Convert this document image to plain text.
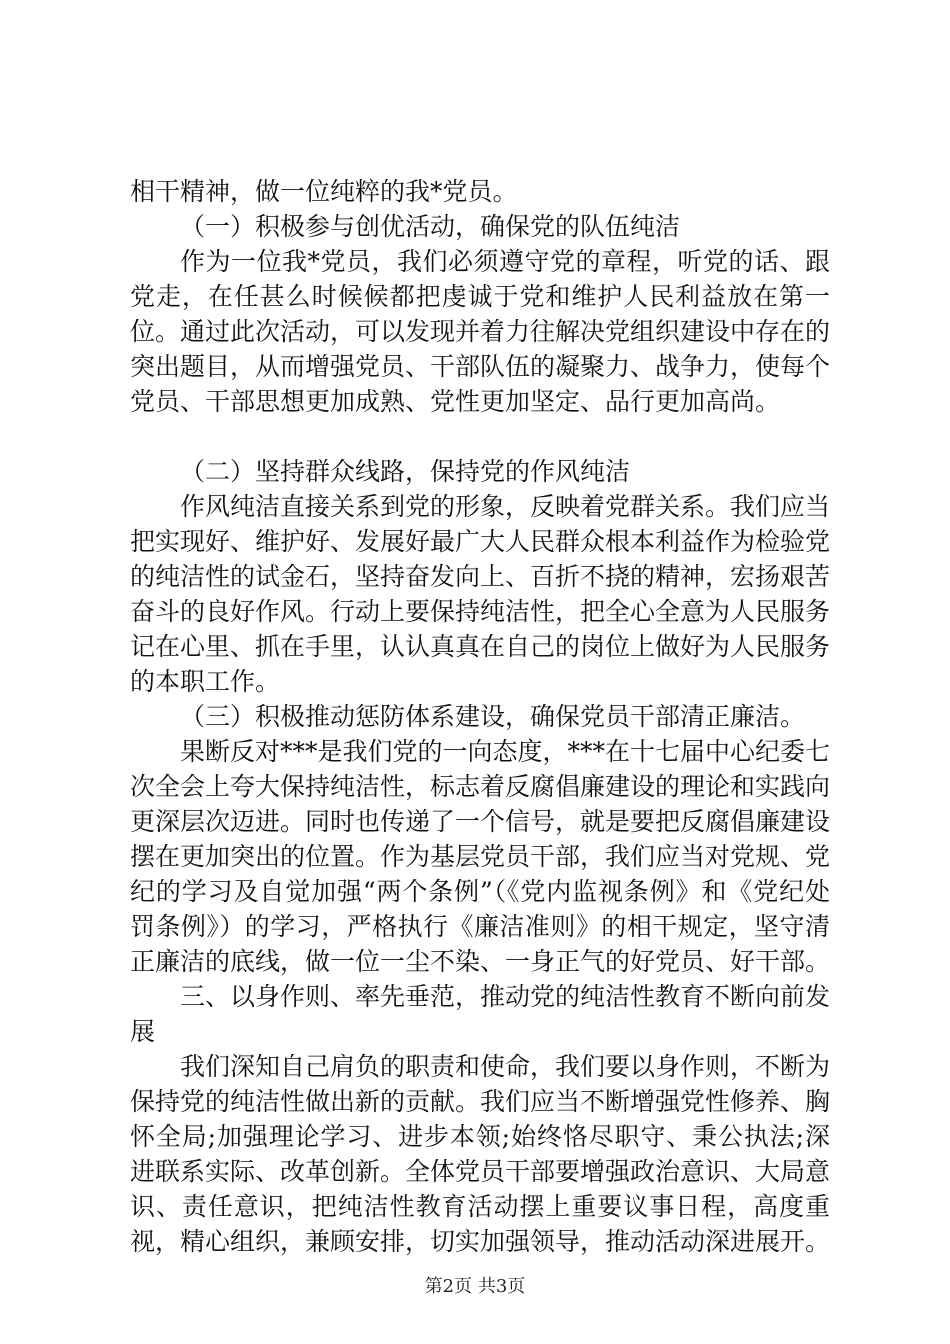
相干精神，做一位纯粹的我*党员。

（一）积极参与创优活动，确保党的队伍纯洁

作为一位我*党员，我们必须遵守党的章程，听党的话、跟党走，在任甚么时候候都把虔诚于党和维护人民利益放在第一位。通过此次活动，可以发现并着力往解决党组织建设中存在的突出题目，从而增强党员、干部队伍的凝聚力、战争力，使每个党员、干部思想更加成熟、党性更加坚定、品行更加高尚。

（二）坚持群众线路，保持党的作风纯洁

作风纯洁直接关系到党的形象，反映着党群关系。我们应当把实现好、维护好、发展好最广大人民群众根本利益作为检验党的纯洁性的试金石，坚持奋发向上、百折不挠的精神，宏扬艰苦奋斗的良好作风。行动上要保持纯洁性，把全心全意为人民服务记在心里、抓在手里，认认真真在自己的岗位上做好为人民服务的本职工作。

（三）积极推动惩防体系建设，确保党员干部清正廉洁。

果断反对***是我们党的一向态度，***在十七届中心纪委七次全会上夸大保持纯洁性，标志着反腐倡廉建设的理论和实践向更深层次迈进。同时也传递了一个信号，就是要把反腐倡廉建设摆在更加突出的位置。作为基层党员干部，我们应当对党规、党纪的学习及自觉加强“两个条例”（《党内监视条例》和《党纪处罚条例》）的学习，严格执行《廉洁准则》的相干规定，坚守清正廉洁的底线，做一位一尘不染、一身正气的好党员、好干部。

三、以身作则、率先垂范，推动党的纯洁性教育不断向前发展

我们深知自己肩负的职责和使命，我们要以身作则，不断为保持党的纯洁性做出新的贡献。我们应当不断增强党性修养、胸怀全局;加强理论学习、进步本领;始终恪尽职守、秉公执法;深进联系实际、改革创新。全体党员干部要增强政治意识、大局意识、责任意识，把纯洁性教育活动摆上重要议事日程，高度重视，精心组织，兼顾安排，切实加强领导，推动活动深进展开。

第2页 共3页
